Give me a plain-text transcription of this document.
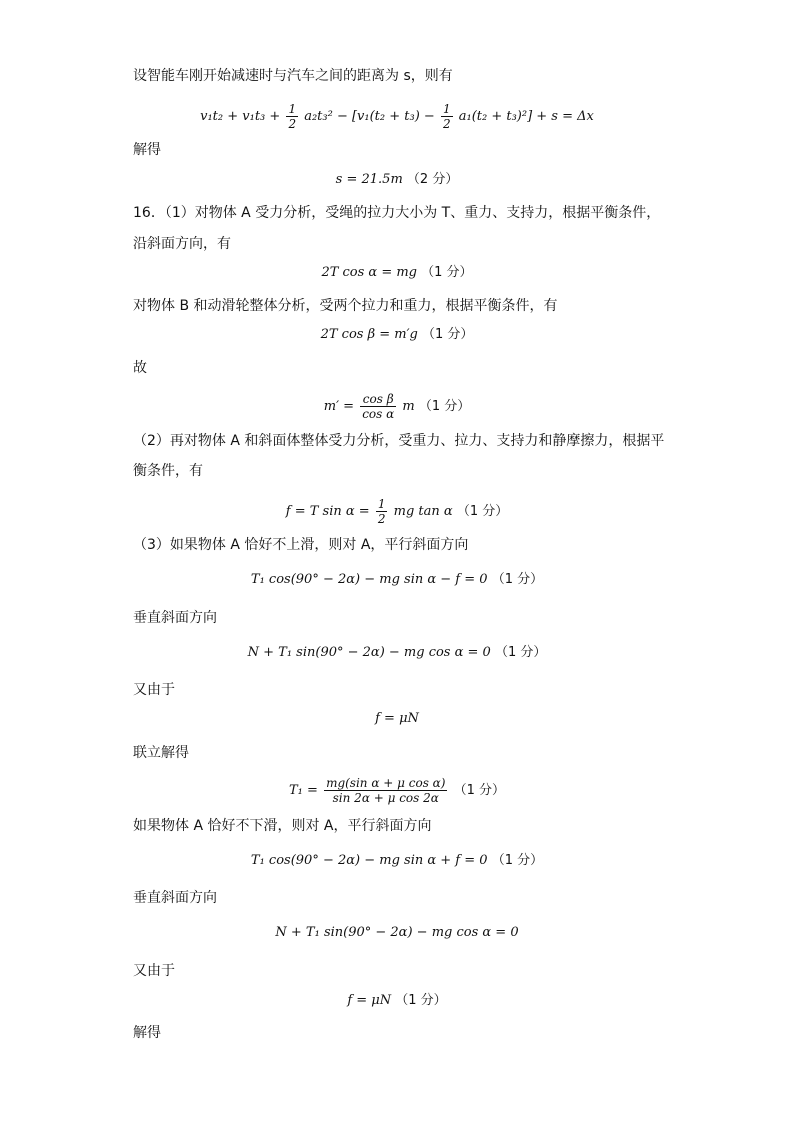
设智能车刚开始减速时与汽车之间的距离为 s，则有
$v_1t_2 + v_1t_3 + \frac{1}{2} a_2t_3^2 - [v_1(t_2 + t_3) - \frac{1}{2} a_1(t_2 + t_3)^2] + s = \Delta x$
解得
s = 21.5m （2 分）
16．（1）对物体 A 受力分析，受绳的拉力大小为 T、重力、支持力，根据平衡条件，
沿斜面方向，有
2T cos α = mg （1 分）
对物体 B 和动滑轮整体分析，受两个拉力和重力，根据平衡条件，有
2T cos β = m′g （1 分）
故
$m' = \frac{\text{cos β}}{\text{cos α}}$ m （1 分）
（2）再对物体 A 和斜面体整体受力分析，受重力、拉力、支持力和静摩擦力，根据平
衡条件，有
f = T $\sin \alpha = \frac{1}{2}$ mg tan α （1 分）
（3）如果物体 A 恰好不上滑，则对 A，平行斜面方向
T₁ cos(90° − 2α) − mg sin α − f = 0 （1 分）
垂直斜面方向
N + T₁ sin(90° − 2α) − mg cos α = 0 （1 分）
又由于
f = μN
联立解得
$T_1 = \frac{\text{mg(sin α + μ cos α)}}{\text{sin 2α + μ cos 2α}} (1$ 分）
如果物体 A 恰好不下滑，则对 A，平行斜面方向
T₁ cos(90° − 2α) − mg sin α + f = 0 （1 分）
垂直斜面方向
N + T₁ sin(90° − 2α) − mg cos α = 0
又由于
f = μN （1 分）
解得
